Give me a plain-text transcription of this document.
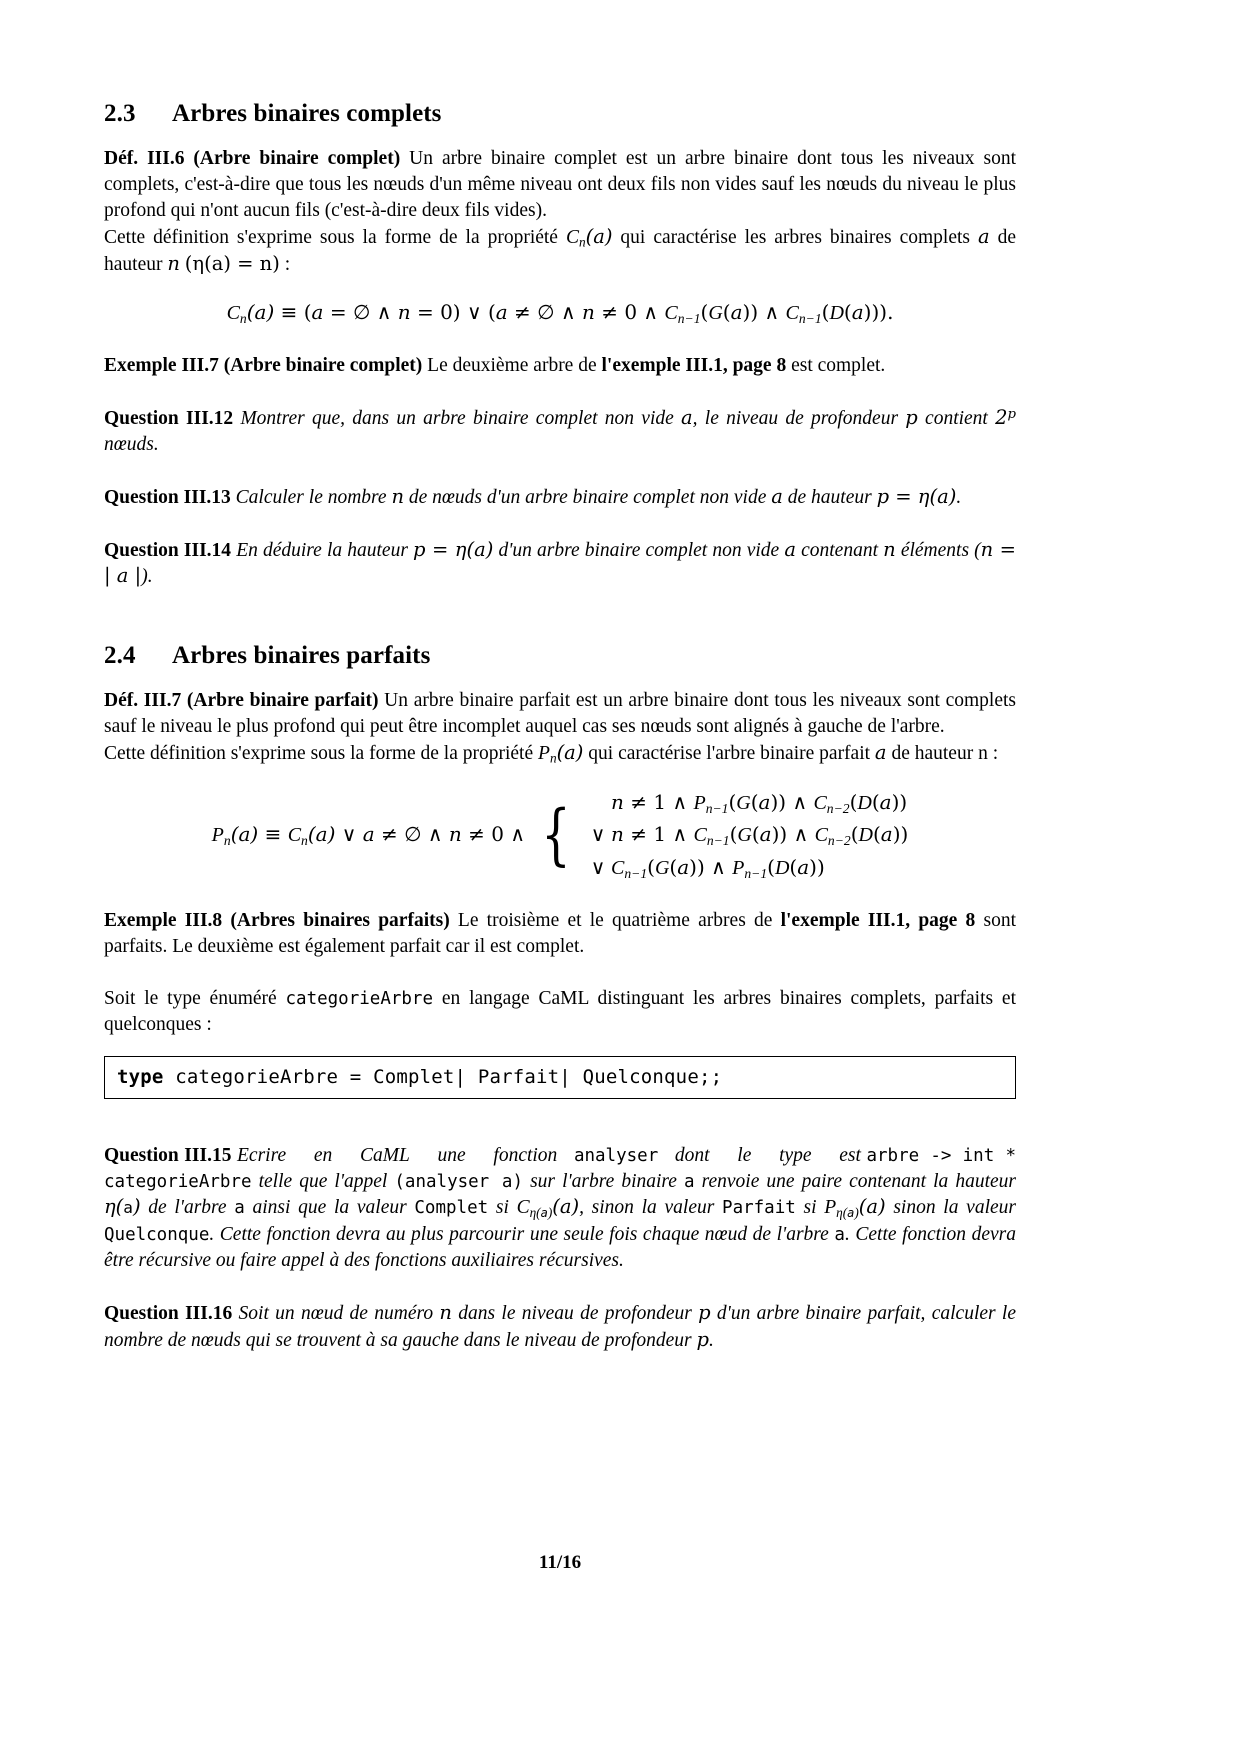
2.3 Arbres binaires complets

Déf. III.6 (Arbre binaire complet) Un arbre binaire complet est un arbre binaire dont tous les niveaux sont complets, c'est-à-dire que tous les nœuds d'un même niveau ont deux fils non vides sauf les nœuds du niveau le plus profond qui n'ont aucun fils (c'est-à-dire deux fils vides).
Cette définition s'exprime sous la forme de la propriété $C_n(a)$ qui caractérise les arbres binaires complets a de hauteur n (η(a) = n) :

$C_n(a) \equiv (a$ = ∅ ∧ n = 0) ∨ (a ≠ ∅ ∧ n ≠ 0 ∧ $C_{n-1}(G(a))$ ∧ $C_{n-1}(D(a))$).

Exemple III.7 (Arbre binaire complet) Le deuxième arbre de l'exemple III.1, page 8 est complet.

Question III.12 Montrer que, dans un arbre binaire complet non vide a, le niveau de profondeur p contient 2$^p$ nœuds.

Question III.13 Calculer le nombre n de nœuds d'un arbre binaire complet non vide a de hauteur p = η(a).

Question III.14 En déduire la hauteur p = η(a) d'un arbre binaire complet non vide a contenant n éléments (n = | a |).

2.4 Arbres binaires parfaits

Déf. III.7 (Arbre binaire parfait) Un arbre binaire parfait est un arbre binaire dont tous les niveaux sont complets sauf le niveau le plus profond qui peut être incomplet auquel cas ses nœuds sont alignés à gauche de l'arbre.
Cette définition s'exprime sous la forme de la propriété $P_n(a)$ qui caractérise l'arbre binaire parfait a de hauteur n :

$P_n(a) \equiv C_n(a)$ ∨ a ≠ ∅ ∧ n ≠ 0 ∧ {
n ≠ 1 ∧ $P_{n-1}(G(a))$ ∧ $C_{n-2}(D(a))$
∨ n ≠ 1 ∧ $C_{n-1}(G(a))$ ∧ $C_{n-2}(D(a))$
∨ $C_{n-1}(G(a))$ ∧ $P_{n-1}(D(a))$

Exemple III.8 (Arbres binaires parfaits) Le troisième et le quatrième arbres de l'exemple III.1, page 8 sont parfaits. Le deuxième est également parfait car il est complet.

Soit le type énuméré categorieArbre en langage CaML distinguant les arbres binaires complets, parfaits et quelconques :

type categorieArbre = Complet| Parfait| Quelconque;;

Question III.15 Ecrire     en     CaML     une     fonction   analyser   dont     le     type     est arbre -> int * categorieArbre telle que l'appel (analyser a) sur l'arbre binaire a renvoie une paire contenant la hauteur η(a) de l'arbre a ainsi que la valeur Complet si $C_{\eta(a)}(a)$, sinon la valeur Parfait si $P_{\eta(a)}(a)$ sinon la valeur Quelconque. Cette fonction devra au plus parcourir une seule fois chaque nœud de l'arbre a. Cette fonction devra être récursive ou faire appel à des fonctions auxiliaires récursives.

Question III.16 Soit un nœud de numéro n dans le niveau de profondeur p d'un arbre binaire parfait, calculer le nombre de nœuds qui se trouvent à sa gauche dans le niveau de profondeur p.

11/16
